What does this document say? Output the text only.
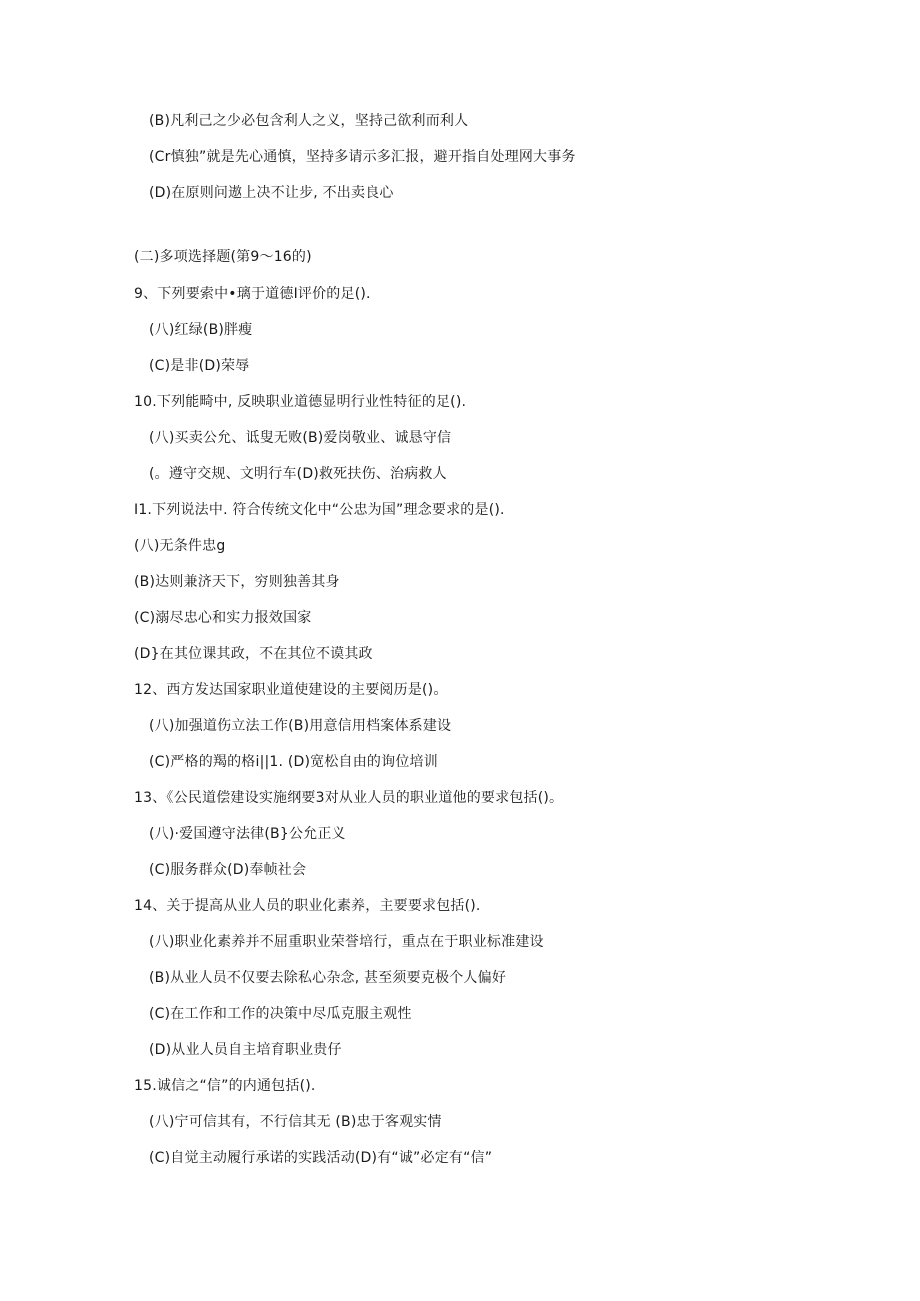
(B)凡利己之少必包含利人之义，坚持己欲利而利人
(Cr慎独”就是先心通慎，坚持多请示多汇报，避开指自处理网大事务
(D)在原则问遨上决不让步, 不出卖良心
(二)多项选择题(第9〜16的)
9、下列要索中•璃于道德I评价的足().
(八)红绿(B)胖瘦
(C)是非(D)荣辱
10.下列能畸中, 反映职业道德显明行业性特征的足().
(八)买卖公允、诋叟无败(B)爱岗敬业、诚恳守信
(。遵守交规、文明行车(D)救死扶伤、治病救人
I1.下列说法中. 符合传统文化中“公忠为国”理念要求的是().
(八)无条件忠g
(B)达则兼济天下，穷则独善其身
(C)溺尽忠心和实力报效国家
(D}在其位课其政，不在其位不谟其政
12、西方发达国家职业道使建设的主要阅历是()。
(八)加强道伤立法工作(B)用意信用档案体系建设
(C)严格的羯的格i||1. (D)宽松自由的询位培训
13、《公民道偿建设实施纲要3对从业人员的职业道他的要求包括()。
(八)·爱国遵守法律(B}公允正义
(C)服务群众(D)奉帧社会
14、关于提高从业人员的职业化素养，主要要求包括().
(八)职业化素养并不屈重职业荣誉培行，重点在于职业标准建设
(B)从业人员不仅要去除私心杂念, 甚至须要克极个人偏好
(C)在工作和工作的决策中尽瓜克服主观性
(D)从业人员自主培育职业贵仔
15.诚信之“信”的内通包括().
(八)宁可信其有，不行信其无 (B)忠于客观实情
(C)自觉主动履行承诺的实践活动(D)有“诚”必定有“信”
